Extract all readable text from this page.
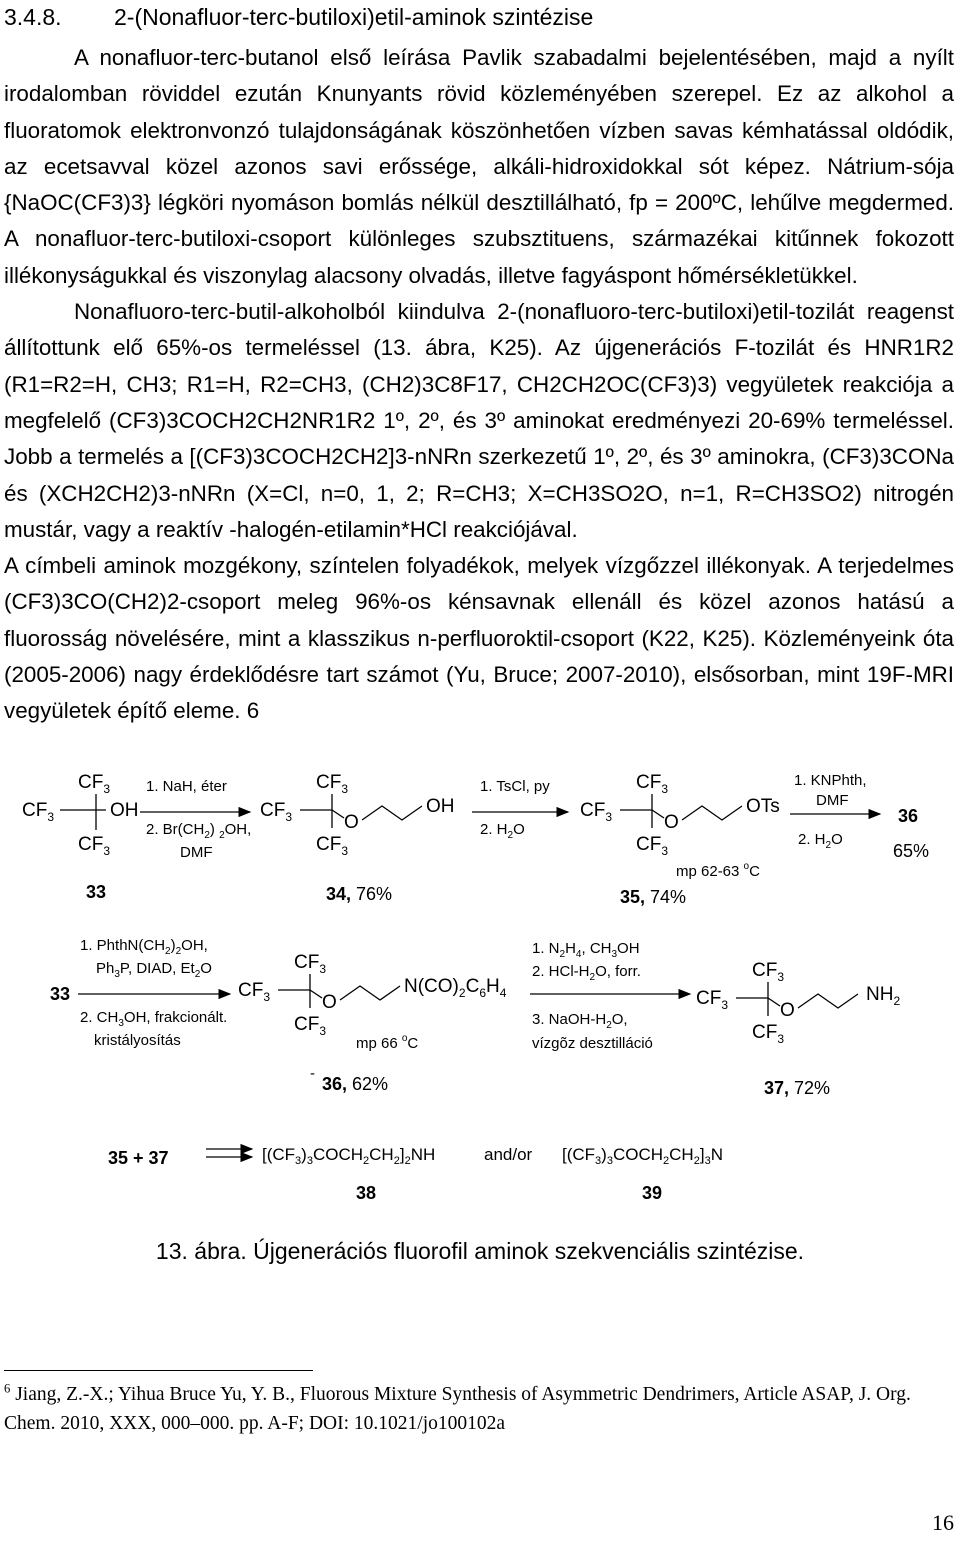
3.4.8. 2-(Nonafluor-terc-butiloxi)etil-aminok szintézise

A nonafluor-terc-butanol első leírása Pavlik szabadalmi bejelentésében, majd a nyílt irodalomban röviddel ezután Knunyants rövid közleményében szerepel. Ez az alkohol a fluoratomok elektronvonzó tulajdonságának köszönhetően vízben savas kémhatással oldódik, az ecetsavval közel azonos savi erőssége, alkáli-hidroxidokkal sót képez. Nátrium-sója {NaOC(CF3)3} légköri nyomáson bomlás nélkül desztillálható, fp = 200ºC, lehűlve megdermed. A nonafluor-terc-butiloxi-csoport különleges szubsztituens, származékai kitűnnek fokozott illékonyságukkal és viszonylag alacsony olvadás, illetve fagyáspont hőmérsékletükkel.

Nonafluoro-terc-butil-alkoholból kiindulva 2-(nonafluoro-terc-butiloxi)etil-tozilát reagenst állítottunk elő 65%-os termeléssel (13. ábra, K25). Az újgenerációs F-tozilát és HNR1R2 (R1=R2=H, CH3; R1=H, R2=CH3, (CH2)3C8F17, CH2CH2OC(CF3)3) vegyületek reakciója a megfelelő (CF3)3COCH2CH2NR1R2 1º, 2º, és 3º aminokat eredményezi 20-69% termeléssel. Jobb a termelés a [(CF3)3COCH2CH2]3-nNRn szerkezetű 1º, 2º, és 3º aminokra, (CF3)3CONa és (XCH2CH2)3-nNRn (X=Cl, n=0, 1, 2; R=CH3; X=CH3SO2O, n=1, R=CH3SO2) nitrogén mustár, vagy a reaktív -halogén-etilamin*HCl reakciójával.

A címbeli aminok mozgékony, színtelen folyadékok, melyek vízgőzzel illékonyak. A terjedelmes (CF3)3CO(CH2)2-csoport meleg 96%-os kénsavnak ellenáll és közel azonos hatású a fluorosság növelésére, mint a klasszikus n-perfluoroktil-csoport (K22, K25). Közleményeink óta (2005-2006) nagy érdeklődésre tart számot (Yu, Bruce; 2007-2010), elsősorban, mint 19F-MRI vegyületek építő eleme. 6

$CF_3$
$CF_3$
$CF_3$
OH
33
1. NaH, éter
2. $Br(CH_2)$ $_2$OH,
DMF
$CF_3$
$CF_3$
$CF_3$
O
OH
34, 76%
1. TsCl, py
2. $H_2O$
$CF_3$
$CF_3$
$CF_3$
O
OTs
mp 62-63 $^o$C
35, 74%
1. KNPhth,
DMF
2. $H_2O$
36
65%
33
1. $PhthN(CH_2)_2OH$,
$Ph_3P$, DIAD, $Et_2O$
2. $CH_3OH$, frakcionált.
kristályosítás
$CF_3$
$CF_3$
$CF_3$
O
$N(CO)_2C_6H_4$
mp 66 $^o$C
-
36, 62%
1. $N_2H_4$, $CH_3OH$
2. HCl-$H_2O$, forr.
3. NaOH-$H_2O$,
vízgõz desztilláció
$CF_3$
$CF_3$
$CF_3$
O
$NH_2$
37, 72%
35 + 37	$[(CF_3)_3COCH_2CH_2]_2NH$	and/or $[(CF_3)_3COCH_2CH_2]_3N$
38	39
13. ábra. Újgenerációs fluorofil aminok szekvenciális szintézise.
$^6$ Jiang, Z.-X.; Yihua Bruce Yu, Y. B., Fluorous Mixture Synthesis of Asymmetric Dendrimers, Article ASAP, J. Org. Chem. 2010, XXX, 000–000. pp. A-F; DOI: 10.1021/jo100102a
16
